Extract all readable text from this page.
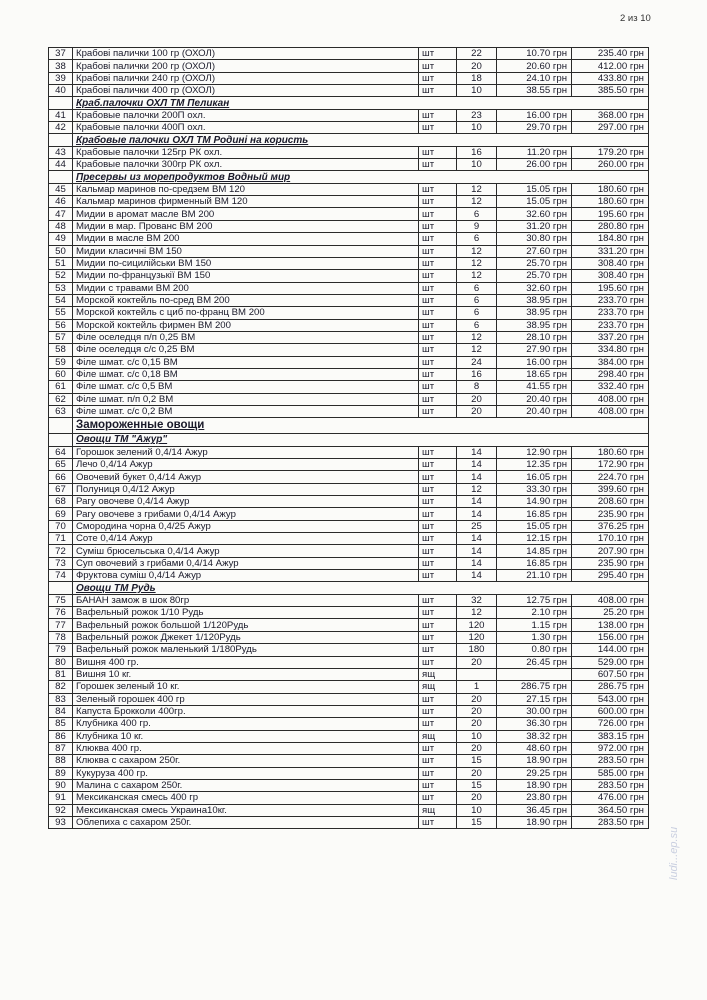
2 из 10
37	Крабові палички 100 гр (ОХОЛ)	шт	22	10.70 грн	235.40 грн
38	Крабові палички 200 гр (ОХОЛ)	шт	20	20.60 грн	412.00 грн
39	Крабові палички 240 гр (ОХОЛ)	шт	18	24.10 грн	433.80 грн
40	Крабові палички 400 гр (ОХОЛ)	шт	10	38.55 грн	385.50 грн
	Краб.палочки ОХЛ ТМ Пеликан				
41	Крабовые палочки 200П охл.	шт	23	16.00 грн	368.00 грн
42	Крабовые палочки 400П охл.	шт	10	29.70 грн	297.00 грн
	Крабовые палочки ОХЛ ТМ Родині на користь				
43	Крабовые палочки 125гр РК охл.	шт	16	11.20 грн	179.20 грн
44	Крабовые палочки 300гр РК охл.	шт	10	26.00 грн	260.00 грн
	Пресервы из морепродуктов Водный мир				
45	Кальмар маринов по-средзем ВМ 120	шт	12	15.05 грн	180.60 грн
46	Кальмар маринов фирменный ВМ 120	шт	12	15.05 грн	180.60 грн
47	Мидии в аромат масле ВМ 200	шт	6	32.60 грн	195.60 грн
48	Мидии в мар. Прованс ВМ 200	шт	9	31.20 грн	280.80 грн
49	Мидии в масле ВМ 200	шт	6	30.80 грн	184.80 грн
50	Мидии класичні ВМ 150	шт	12	27.60 грн	331.20 грн
51	Мидии по-сицилійськи ВМ 150	шт	12	25.70 грн	308.40 грн
52	Мидии по-французькії ВМ 150	шт	12	25.70 грн	308.40 грн
53	Мидии с травами ВМ 200	шт	6	32.60 грн	195.60 грн
54	Морской коктейль по-сред ВМ 200	шт	6	38.95 грн	233.70 грн
55	Морской коктейль с циб по-франц ВМ 200	шт	6	38.95 грн	233.70 грн
56	Морской коктейль фирмен ВМ 200	шт	6	38.95 грн	233.70 грн
57	Філе оселедця п/п 0,25 ВМ	шт	12	28.10 грн	337.20 грн
58	Філе оселедця с/с 0,25 ВМ	шт	12	27.90 грн	334.80 грн
59	Філе шмат. с/с 0,15 ВМ	шт	24	16.00 грн	384.00 грн
60	Філе шмат. с/с 0,18 ВМ	шт	16	18.65 грн	298.40 грн
61	Філе шмат. с/с 0,5 ВМ	шт	8	41.55 грн	332.40 грн
62	Філе шмат. п/п 0,2 ВМ	шт	20	20.40 грн	408.00 грн
63	Філе шмат. с/с 0,2 ВМ	шт	20	20.40 грн	408.00 грн
	Замороженные овощи				
	Овощи ТМ "Ажур"				
64	Горошок зелений 0,4/14 Ажур	шт	14	12.90 грн	180.60 грн
65	Лечо 0,4/14 Ажур	шт	14	12.35 грн	172.90 грн
66	Овочевий букет 0,4/14 Ажур	шт	14	16.05 грн	224.70 грн
67	Полуниця 0,4/12 Ажур	шт	12	33.30 грн	399.60 грн
68	Рагу овочеве 0,4/14 Ажур	шт	14	14.90 грн	208.60 грн
69	Рагу овочеве з грибами 0,4/14 Ажур	шт	14	16.85 грн	235.90 грн
70	Смородина чорна 0,4/25 Ажур	шт	25	15.05 грн	376.25 грн
71	Соте 0,4/14 Ажур	шт	14	12.15 грн	170.10 грн
72	Суміш брюсельська 0,4/14 Ажур	шт	14	14.85 грн	207.90 грн
73	Суп овочевий з грибами 0,4/14 Ажур	шт	14	16.85 грн	235.90 грн
74	Фруктова суміш 0,4/14 Ажур	шт	14	21.10 грн	295.40 грн
	Овощи ТМ Рудь				
75	БАНАН замож в шок 80гр	шт	32	12.75 грн	408.00 грн
76	Вафельный рожок 1/10 Рудь	шт	12	2.10 грн	25.20 грн
77	Вафельный рожок большой 1/120Рудь	шт	120	1.15 грн	138.00 грн
78	Вафельный рожок Джекет 1/120Рудь	шт	120	1.30 грн	156.00 грн
79	Вафельный рожок маленький 1/180Рудь	шт	180	0.80 грн	144.00 грн
80	Вишня 400 гр.	шт	20	26.45 грн	529.00 грн
81	Вишня 10 кг.	ящ			607.50 грн
82	Горошек зеленый 10 кг.	ящ	1	286.75 грн	286.75 грн
83	Зеленый горошек 400 гр	шт	20	27.15 грн	543.00 грн
84	Капуста Брокколи 400гр.	шт	20	30.00 грн	600.00 грн
85	Клубника 400 гр.	шт	20	36.30 грн	726.00 грн
86	Клубника 10 кг.	ящ	10	38.32 грн	383.15 грн
87	Клюква 400 гр.	шт	20	48.60 грн	972.00 грн
88	Клюква с сахаром 250г.	шт	15	18.90 грн	283.50 грн
89	Кукуруза 400 гр.	шт	20	29.25 грн	585.00 грн
90	Малина с сахаром 250г.	шт	15	18.90 грн	283.50 грн
91	Мексиканская смесь 400 гр	шт	20	23.80 грн	476.00 грн
92	Мексиканская смесь Украина10кг.	ящ	10	36.45 грн	364.50 грн
93	Облепиха с сахаром 250г.	шт	15	18.90 грн	283.50 грн
ludi...ep.su
